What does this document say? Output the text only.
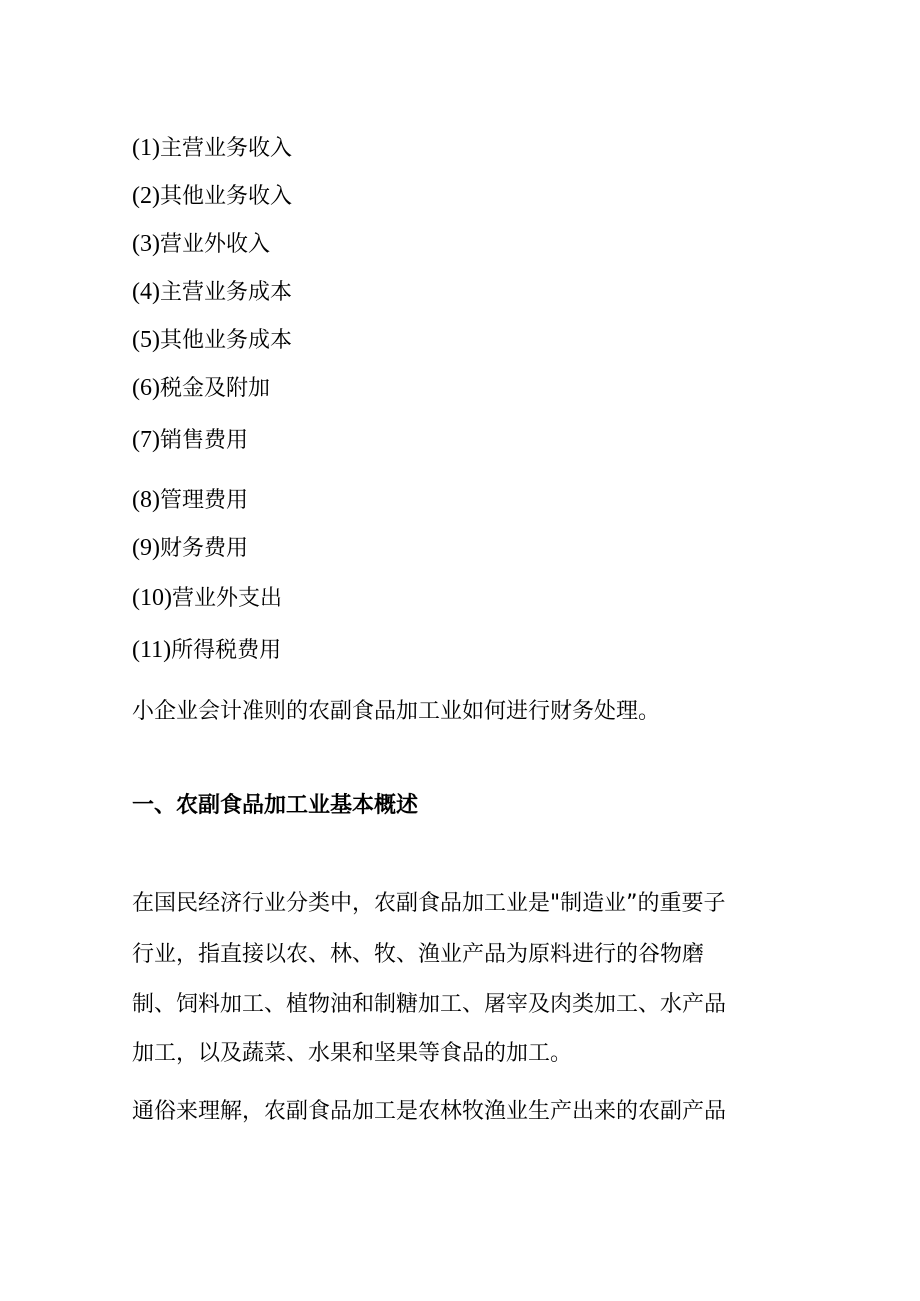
(1)主营业务收入
(2)其他业务收入
(3)营业外收入
(4)主营业务成本
(5)其他业务成本
(6)税金及附加
(7)销售费用
(8)管理费用
(9)财务费用
(10)营业外支出
(11)所得税费用
小企业会计准则的农副食品加工业如何进行财务处理。
一、农副食品加工业基本概述
在国民经济行业分类中，农副食品加工业是"制造业”的重要子
行业，指直接以农、林、牧、渔业产品为原料进行的谷物磨
制、饲料加工、植物油和制糖加工、屠宰及肉类加工、水产品
加工，以及蔬菜、水果和坚果等食品的加工。
通俗来理解，农副食品加工是农林牧渔业生产出来的农副产品
